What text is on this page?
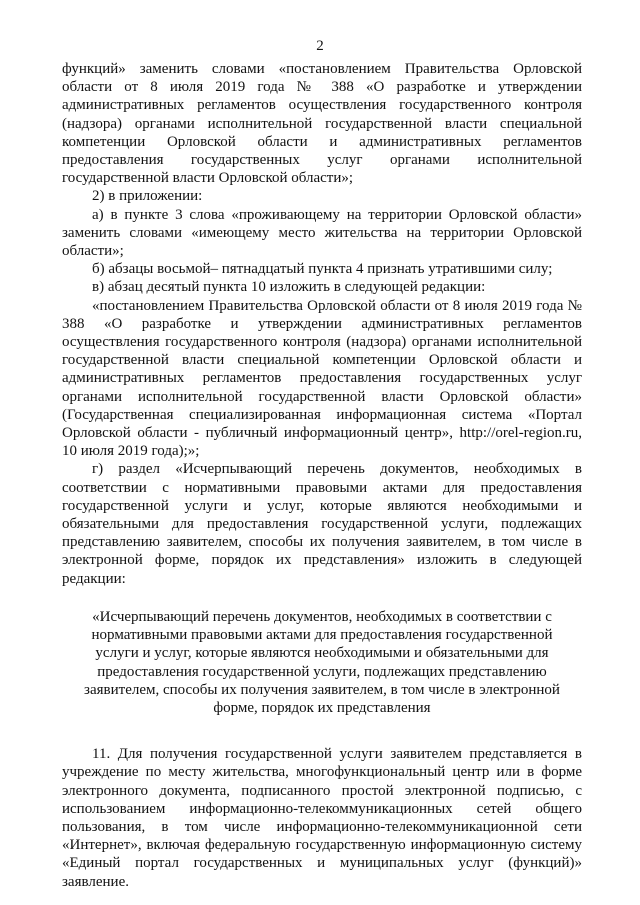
2

функций» заменить словами «постановлением Правительства Орловской области от 8 июля 2019 года № 388 «О разработке и утверждении административных регламентов осуществления государственного контроля (надзора) органами исполнительной государственной власти специальной компетенции Орловской области и административных регламентов предоставления государственных услуг органами исполнительной государственной власти Орловской области»;

2) в приложении:

а) в пункте 3 слова «проживающему на территории Орловской области» заменить словами «имеющему место жительства на территории Орловской области»;

б) абзацы восьмой– пятнадцатый пункта 4 признать утратившими силу;

в) абзац десятый пункта 10 изложить в следующей редакции:

«постановлением Правительства Орловской области от 8 июля 2019 года № 388 «О разработке и утверждении административных регламентов осуществления государственного контроля (надзора) органами исполнительной государственной власти специальной компетенции Орловской области и административных регламентов предоставления государственных услуг органами исполнительной государственной власти Орловской области» (Государственная специализированная информационная система «Портал Орловской области - публичный информационный центр», http://orel-region.ru, 10 июля 2019 года);»;

г) раздел «Исчерпывающий перечень документов, необходимых в соответствии с нормативными правовыми актами для предоставления государственной услуги и услуг, которые являются необходимыми и обязательными для предоставления государственной услуги, подлежащих представлению заявителем, способы их получения заявителем, в том числе в электронной форме, порядок их представления» изложить в следующей редакции:

«Исчерпывающий перечень документов, необходимых в соответствии с нормативными правовыми актами для предоставления государственной услуги и услуг, которые являются необходимыми и обязательными для предоставления государственной услуги, подлежащих представлению заявителем, способы их получения заявителем, в том числе в электронной форме, порядок их представления

11. Для получения государственной услуги заявителем представляется в учреждение по месту жительства, многофункциональный центр или в форме электронного документа, подписанного простой электронной подписью, с использованием информационно-телекоммуникационных сетей общего пользования, в том числе информационно-телекоммуникационной сети «Интернет», включая федеральную государственную информационную систему «Единый портал государственных и муниципальных услуг (функций)» заявление.
